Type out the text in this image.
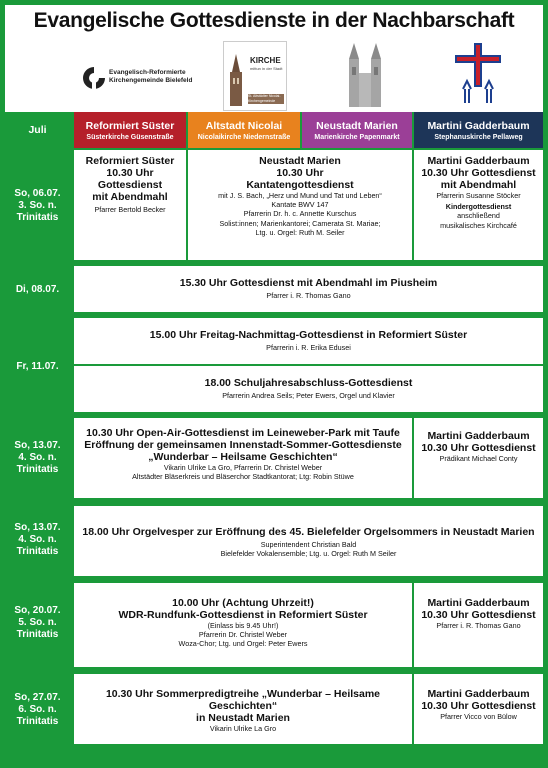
Evangelische Gottesdienste in der Nachbarschaft
Evangelisch-Reformierte
Kirchengemeinde Bielefeld
KIRCHE
mittun in der Stadt
St. Altstädter Nicolai-Kirchengemeinde
Juli	Reformiert Süster
Süsterkirche Güsenstraße
Altstadt Nicolai
Nicolaikirche Niedernstraße
Neustadt Marien
Marienkirche Papenmarkt
Martini Gadderbaum
Stephanuskirche Pellaweg
So, 06.07.
3. So. n.
Trinitatis
Reformiert Süster
10.30 Uhr
Gottesdienst
mit Abendmahl
Pfarrer Bertold Becker
Neustadt Marien
10.30 Uhr
Kantatengottesdienst
mit J. S. Bach, „Herz und Mund und Tat und Leben“
Kantate BWV 147
Pfarrerin Dr. h. c. Annette Kurschus
Solist:innen; Marienkantorei; Camerata St. Mariae;
Ltg. u. Orgel: Ruth M. Seiler
Martini Gadderbaum
10.30 Uhr Gottesdienst
mit Abendmahl
Pfarrerin Susanne Stöcker
Kindergottesdienst
anschließend
musikalisches Kirchcafé
Di, 08.07.
15.30 Uhr Gottesdienst mit Abendmahl im Piusheim
Pfarrer i. R. Thomas Gano
Fr, 11.07.
15.00 Uhr Freitag-Nachmittag-Gottesdienst in Reformiert Süster
Pfarrerin i. R. Erika Edusei
18.00 Schuljahresabschluss-Gottesdienst
Pfarrerin Andrea Seils; Peter Ewers, Orgel und Klavier
So, 13.07.
4. So. n.
Trinitatis
10.30 Uhr Open-Air-Gottesdienst im Leineweber-Park mit Taufe
Eröffnung der gemeinsamen Innenstadt-Sommer-Gottesdienste
„Wunderbar – Heilsame Geschichten“
Vikarin Ulrike La Gro, Pfarrerin Dr. Christel Weber
Altstädter Bläserkreis und Bläserchor Stadtkantorat; Ltg: Robin Stüwe
Martini Gadderbaum
10.30 Uhr Gottesdienst
Prädikant Michael Conty
So, 13.07.
4. So. n.
Trinitatis
18.00 Uhr Orgelvesper zur Eröffnung des 45. Bielefelder Orgelsommers in Neustadt Marien
Superintendent Christian Bald
Bielefelder Vokalensemble; Ltg. u. Orgel: Ruth M Seiler
So, 20.07.
5. So. n.
Trinitatis
10.00 Uhr (Achtung Uhrzeit!)
WDR-Rundfunk-Gottesdienst in Reformiert Süster
(Einlass bis 9.45 Uhr!)
Pfarrerin Dr. Christel Weber
Woza-Chor; Ltg. und Orgel: Peter Ewers
Martini Gadderbaum
10.30 Uhr Gottesdienst
Pfarrer i. R. Thomas Gano
So, 27.07.
6. So. n.
Trinitatis
10.30 Uhr Sommerpredigtreihe „Wunderbar – Heilsame Geschichten“
in Neustadt Marien
Vikarin Ulrike La Gro
Martini Gadderbaum
10.30 Uhr Gottesdienst
Pfarrer Vicco von Bülow
